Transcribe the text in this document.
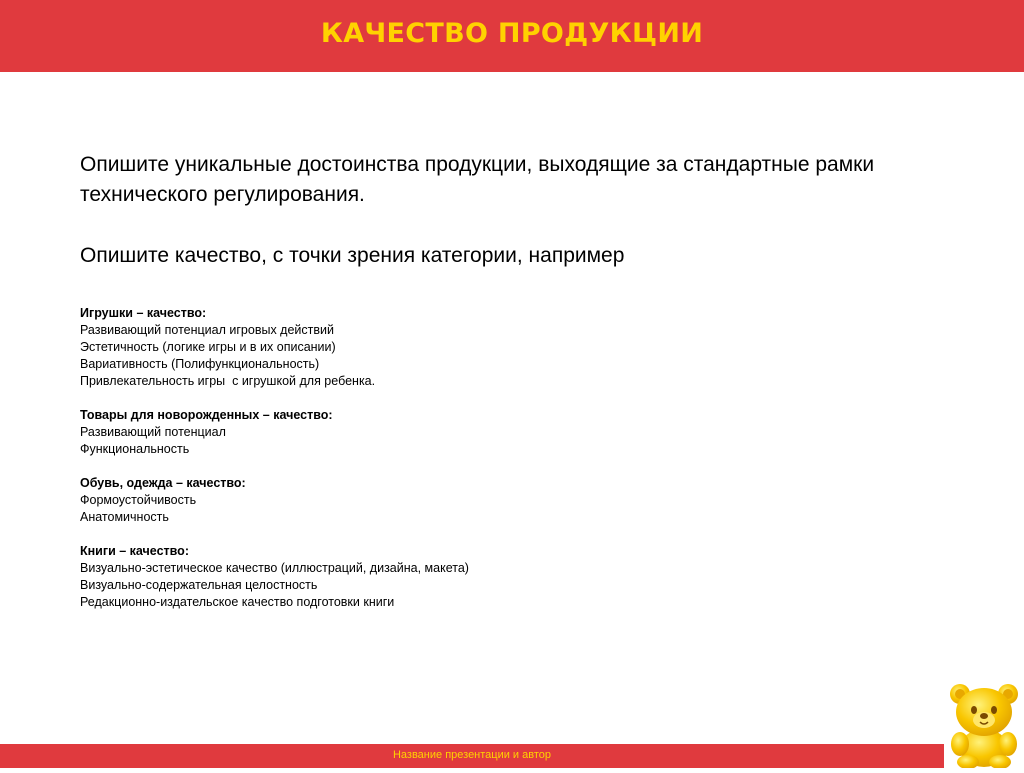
КАЧЕСТВО ПРОДУКЦИИ

Опишите уникальные достоинства продукции, выходящие за стандартные рамки технического регулирования.

Опишите качество, с точки зрения категории, например

Игрушки – качество:
Развивающий потенциал игровых действий
Эстетичность (логике игры и в их описании)
Вариативность (Полифункциональность)
Привлекательность игры  с игрушкой для ребенка.
Товары для новорожденных – качество:
Развивающий потенциал
Функциональность
Обувь, одежда – качество:
Формоустойчивость
Анатомичность
Книги – качество:
Визуально-эстетическое качество (иллюстраций, дизайна, макета)
Визуально-содержательная целостность
Редакционно-издательское качество подготовки книги
Название презентации и автор
